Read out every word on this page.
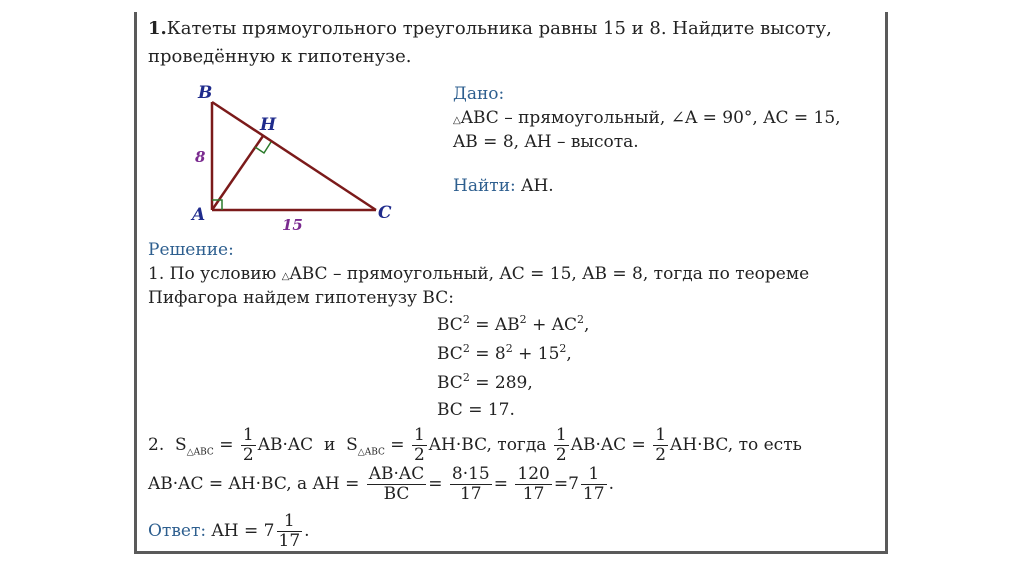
1.Катеты прямоугольного треугольника равны 15 и 8. Найдите высоту,
проведённую к гипотенузе.
B
H
A	C
8
15
Дано:
△ABC – прямоугольный, ∠A = 90°, AC = 15,
AB = 8, AH – высота.
Найти: AH.
Решение:
1. По условию △ABC – прямоугольный, AC = 15, AB = 8, тогда по теореме
Пифагора найдем гипотенузу BC:
$BC^2 = AB^2 + AC^2$,
$BC^2 = 8^2 + 15^2$,
$BC^2 = 289$,
BC = 17.
2. $S_{\triangle ABC} = \frac{1}{2} AB\cdot AC$ и $S_{\triangle ABC} = \frac{1}{2} AH\cdot BC$, тогда $\frac{1}{2} AB\cdot AC = \frac{1}{2} AH\cdot BC$, то есть
AB·AC = AH·BC, а AH = $\frac{AB\cdot AC}{BC} = \frac{8\cdot 15}{17} = \frac{120}{17} =7 \frac{1}{17}$ .
Ответ: AH = $7 \frac{1}{17}$ .
